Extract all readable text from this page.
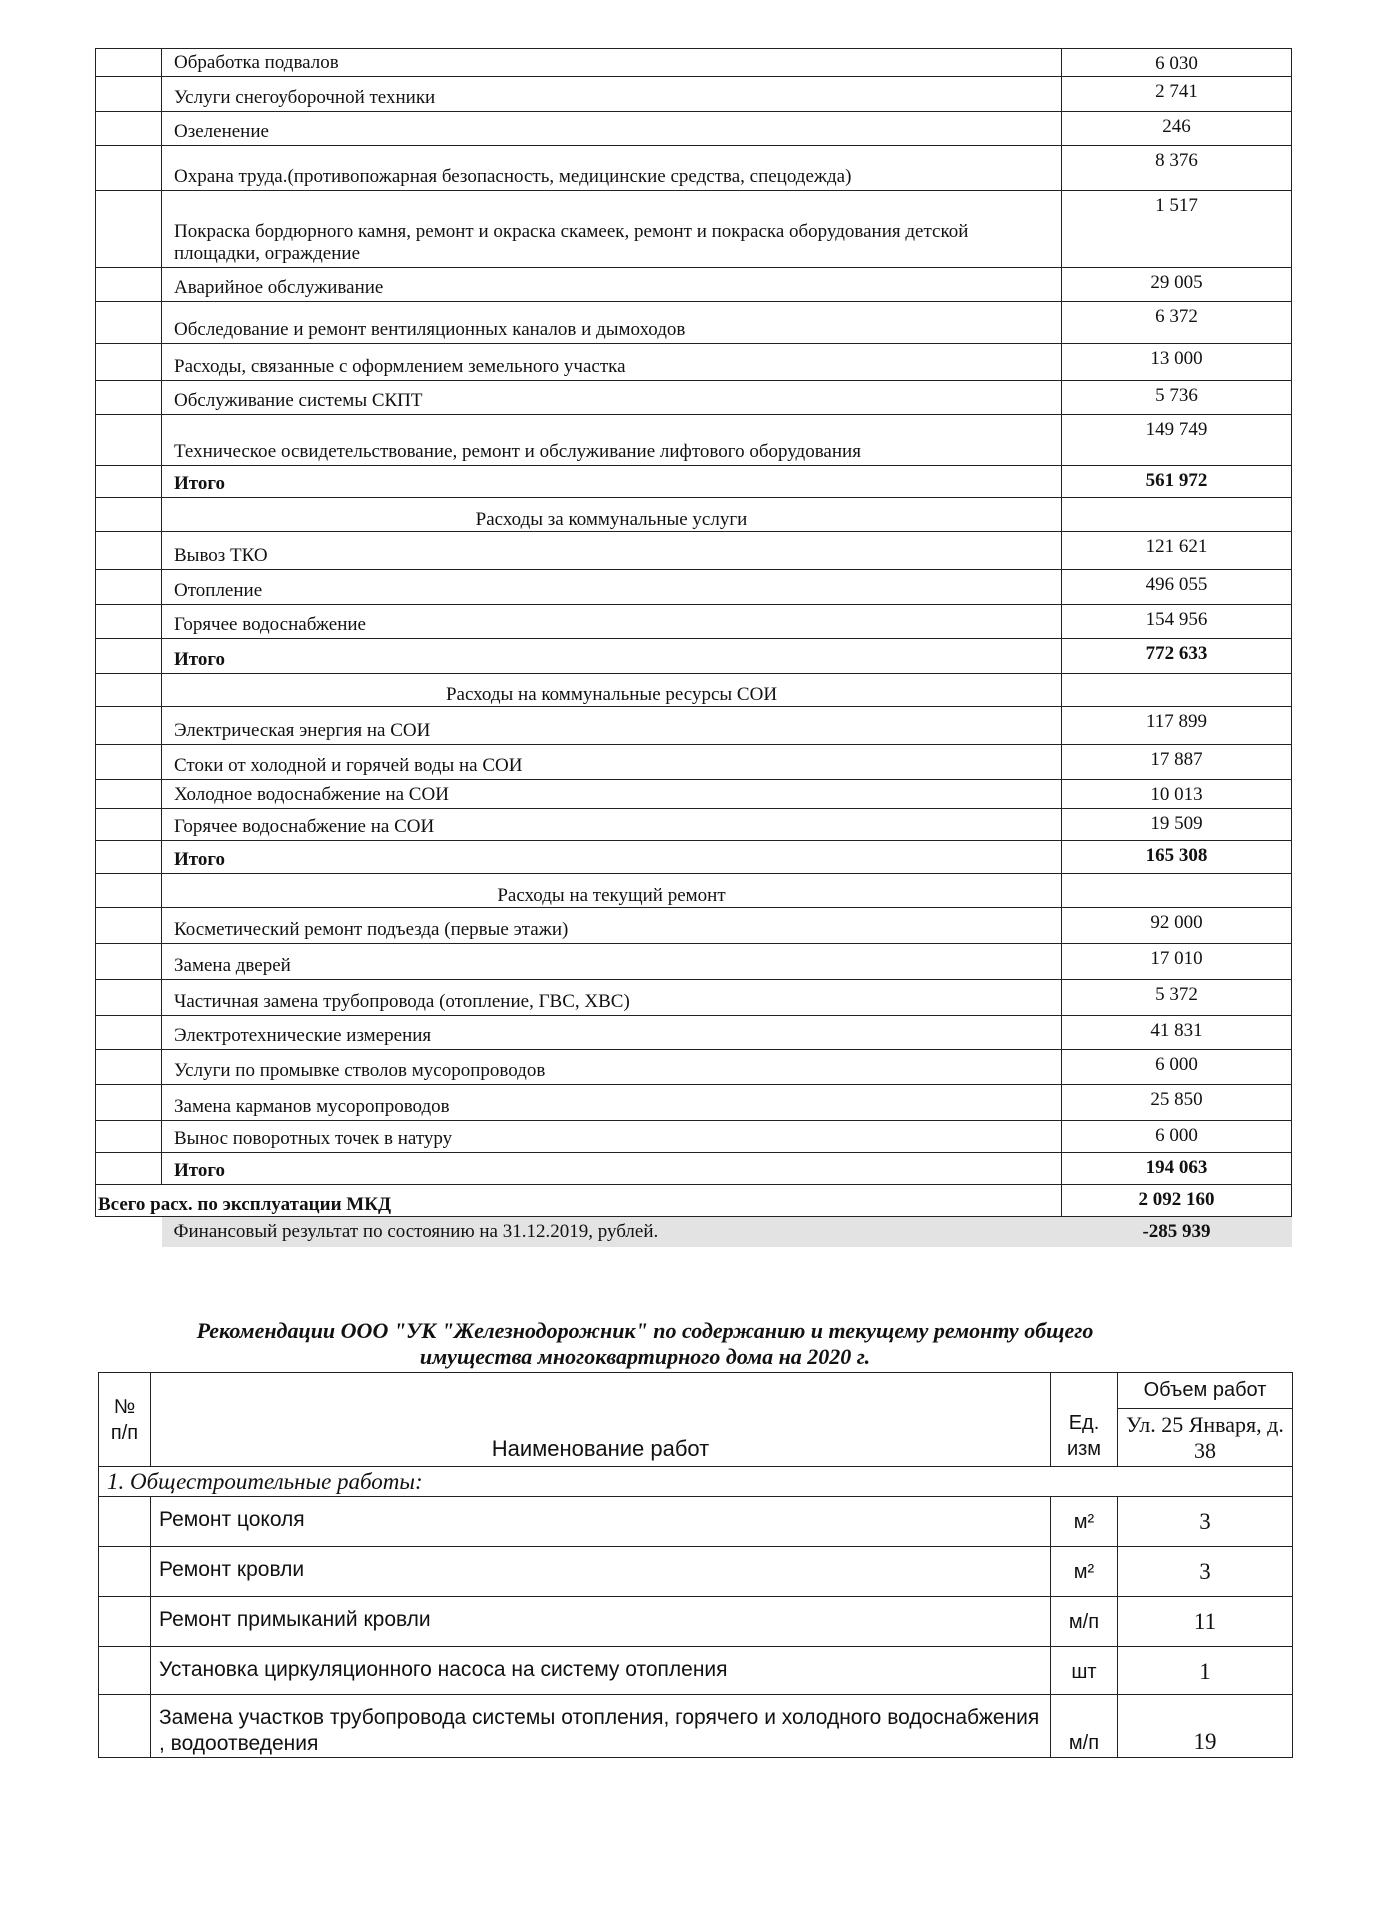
	Обработка подвалов	6 030
	Услуги снегоуборочной техники	2 741
	Озеленение	246
	Охрана труда.(противопожарная безопасность, медицинские средства, спецодежда)	8 376
	Покраска бордюрного камня, ремонт и окраска скамеек, ремонт и покраска оборудования детской площадки, ограждение	1 517
	Аварийное обслуживание	29 005
	Обследование и ремонт вентиляционных каналов и дымоходов	6 372
	Расходы, связанные с оформлением земельного участка	13 000
	Обслуживание системы СКПТ	5 736
	Техническое освидетельствование, ремонт и обслуживание лифтового оборудования	149 749
	Итого	561 972
	Расходы за коммунальные услуги	
	Вывоз ТКО	121 621
	Отопление	496 055
	Горячее водоснабжение	154 956
	Итого	772 633
	Расходы на коммунальные ресурсы СОИ	
	Электрическая энергия на СОИ	117 899
	Стоки от холодной и горячей воды на СОИ	17 887
	Холодное водоснабжение на СОИ	10 013
	Горячее водоснабжение на СОИ	19 509
	Итого	165 308
	Расходы на текущий ремонт	
	Косметический ремонт подъезда (первые этажи)	92 000
	Замена дверей	17 010
	Частичная замена трубопровода (отопление, ГВС, ХВС)	5 372
	Электротехнические измерения	41 831
	Услуги по промывке стволов мусоропроводов	6 000
	Замена карманов мусоропроводов	25 850
	Вынос поворотных точек в натуру	6 000
	Итого	194 063
Всего расх. по эксплуатации МКД		2 092 160
	Финансовый результат по состоянию на 31.12.2019, рублей.	-285 939
Рекомендации ООО "УК "Железнодорожник" по содержанию и текущему ремонту общего
имущества многоквартирного дома на 2020 г.
№ п/п	Наименование работ	Ед. изм	Объем работ
			Ул. 25 Января, д. 38
1. Общестроительные работы:			
	Ремонт цоколя	м²	3
	Ремонт кровли	м²	3
	Ремонт примыканий кровли	м/п	11
	Установка циркуляционного насоса на систему отопления	шт	1
	Замена участков трубопровода системы отопления, горячего и холодного водоснабжения , водоотведения	м/п	19
